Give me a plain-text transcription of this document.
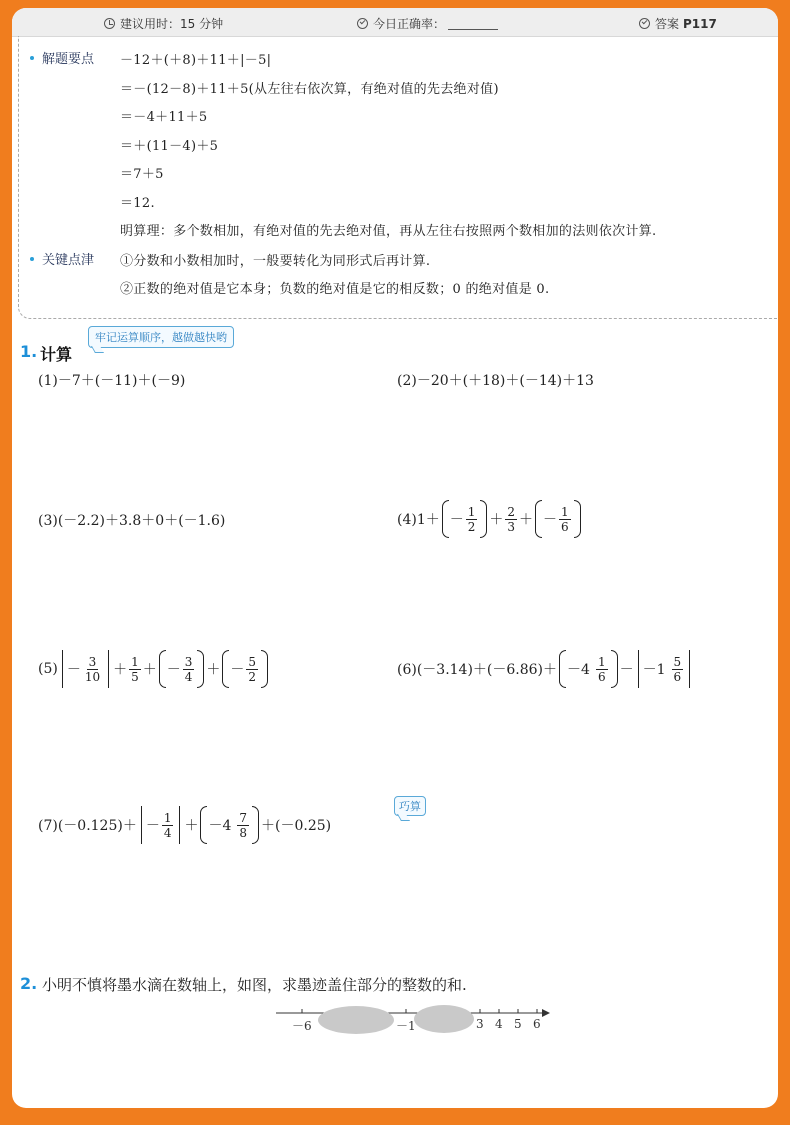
建议用时：15 分钟	今日正确率：	答案 P117
解题要点 －12＋(＋8)＋11＋|－5|
＝－(12－8)＋11＋5(从左往右依次算，有绝对值的先去绝对值)
＝－4＋11＋5
＝＋(11－4)＋5
＝7＋5
＝12.
明算理：多个数相加，有绝对值的先去绝对值，再从左往右按照两个数相加的法则依次计算.
关键点津 ①分数和小数相加时，一般要转化为同形式后再计算.
②正数的绝对值是它本身；负数的绝对值是它的相反数；0 的绝对值是 0.
1. 计算
牢记运算顺序，越做越快哟
(1)－7＋(－11)＋(－9)	(2)－20＋(＋18)＋(－14)＋13
(3)(－2.2)＋3.8＋0＋(－1.6)	$(4)1+ - \frac{1}{2} + \frac{2}{3}$ ＋ － $\frac{1}{6}$
$(5) - \frac{3}{10} + \frac{1}{5}$ ＋ － $\frac{3}{4}$ ＋ － $\frac{5}{2}$	$(6)(-3.14)+(-6.86)+ -4 \frac{1}{6} - -1 \frac{5}{6}$
$(7)(-0.125)+ - \frac{1}{4} + -4 \frac{7}{8} + (-0.25)$
巧算
2. 小明不慎将墨水滴在数轴上，如图，求墨迹盖住部分的整数的和.
－6	－1	3 4 5 6
